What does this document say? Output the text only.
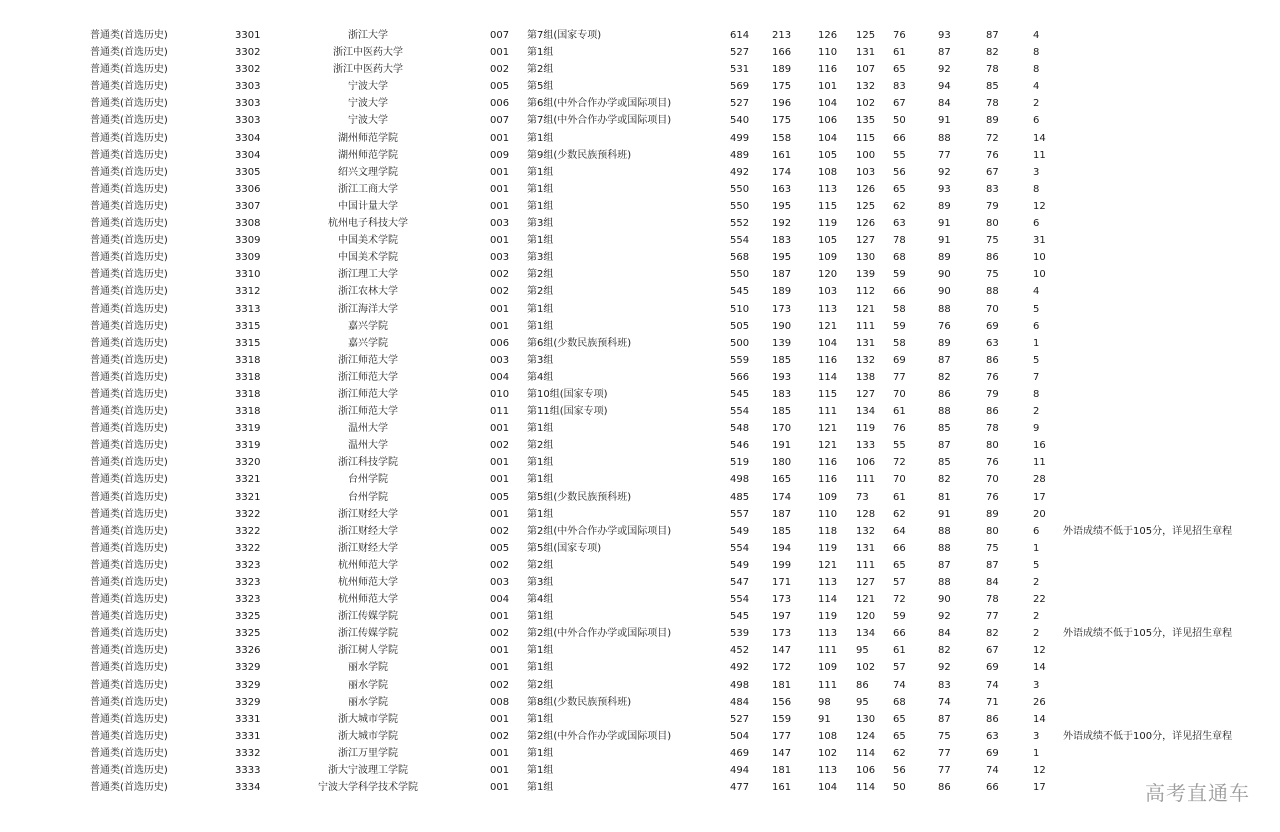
普通类(首选历史)	3301	浙江大学	007 第7组(国家专项)	614 213	126 125 76	93	87	4
普通类(首选历史)	3302	浙江中医药大学	001 第1组	527 166	110 131 61	87	82	8
普通类(首选历史)	3302	浙江中医药大学	002 第2组	531 189	116 107 65	92	78	8
普通类(首选历史)	3303	宁波大学	005 第5组	569 175	101 132 83	94	85	4
普通类(首选历史)	3303	宁波大学	006 第6组(中外合作办学或国际项目)	527 196	104 102 67	84	78	2
普通类(首选历史)	3303	宁波大学	007 第7组(中外合作办学或国际项目)	540 175	106 135 50	91	89	6
普通类(首选历史)	3304	湖州师范学院	001 第1组	499 158	104 115 66	88	72	14
普通类(首选历史)	3304	湖州师范学院	009 第9组(少数民族预科班)	489 161	105 100 55	77	76	11
普通类(首选历史)	3305	绍兴文理学院	001 第1组	492 174	108 103 56	92	67	3
普通类(首选历史)	3306	浙江工商大学	001 第1组	550 163	113 126 65	93	83	8
普通类(首选历史)	3307	中国计量大学	001 第1组	550 195	115 125 62	89	79	12
普通类(首选历史)	3308	杭州电子科技大学	003 第3组	552 192	119 126 63	91	80	6
普通类(首选历史)	3309	中国美术学院	001 第1组	554 183	105 127 78	91	75	31
普通类(首选历史)	3309	中国美术学院	003 第3组	568 195	109 130 68	89	86	10
普通类(首选历史)	3310	浙江理工大学	002 第2组	550 187	120 139 59	90	75	10
普通类(首选历史)	3312	浙江农林大学	002 第2组	545 189	103 112 66	90	88	4
普通类(首选历史)	3313	浙江海洋大学	001 第1组	510 173	113 121 58	88	70	5
普通类(首选历史)	3315	嘉兴学院	001 第1组	505 190	121 111 59	76	69	6
普通类(首选历史)	3315	嘉兴学院	006 第6组(少数民族预科班)	500 139	104 131 58	89	63	1
普通类(首选历史)	3318	浙江师范大学	003 第3组	559 185	116 132 69	87	86	5
普通类(首选历史)	3318	浙江师范大学	004 第4组	566 193	114 138 77	82	76	7
普通类(首选历史)	3318	浙江师范大学	010 第10组(国家专项)	545 183	115 127 70	86	79	8
普通类(首选历史)	3318	浙江师范大学	011 第11组(国家专项)	554 185	111 134 61	88	86	2
普通类(首选历史)	3319	温州大学	001 第1组	548 170	121 119 76	85	78	9
普通类(首选历史)	3319	温州大学	002 第2组	546 191	121 133 55	87	80	16
普通类(首选历史)	3320	浙江科技学院	001 第1组	519 180	116 106 72	85	76	11
普通类(首选历史)	3321	台州学院	001 第1组	498 165	116 111 70	82	70	28
普通类(首选历史)	3321	台州学院	005 第5组(少数民族预科班)	485 174	109 73 61	81	76	17
普通类(首选历史)	3322	浙江财经大学	001 第1组	557 187	110 128 62	91	89	20
普通类(首选历史)	3322	浙江财经大学	002 第2组(中外合作办学或国际项目)	549 185	118 132 64	88	80	6 外语成绩不低于105分，详见招生章程
普通类(首选历史)	3322	浙江财经大学	005 第5组(国家专项)	554 194	119 131 66	88	75	1
普通类(首选历史)	3323	杭州师范大学	002 第2组	549 199	121 111 65	87	87	5
普通类(首选历史)	3323	杭州师范大学	003 第3组	547 171	113 127 57	88	84	2
普通类(首选历史)	3323	杭州师范大学	004 第4组	554 173	114 121 72	90	78	22
普通类(首选历史)	3325	浙江传媒学院	001 第1组	545 197	119 120 59	92	77	2
普通类(首选历史)	3325	浙江传媒学院	002 第2组(中外合作办学或国际项目)	539 173	113 134 66	84	82	2 外语成绩不低于105分，详见招生章程
普通类(首选历史)	3326	浙江树人学院	001 第1组	452 147	111 95 61	82	67	12
普通类(首选历史)	3329	丽水学院	001 第1组	492 172	109 102 57	92	69	14
普通类(首选历史)	3329	丽水学院	002 第2组	498 181	111 86 74	83	74	3
普通类(首选历史)	3329	丽水学院	008 第8组(少数民族预科班)	484 156	98	95 68	74	71	26
普通类(首选历史)	3331	浙大城市学院	001 第1组	527 159	91	130 65	87	86	14
普通类(首选历史)	3331	浙大城市学院	002 第2组(中外合作办学或国际项目)	504 177	108 124 65	75	63	3 外语成绩不低于100分，详见招生章程
普通类(首选历史)	3332	浙江万里学院	001 第1组	469 147	102 114 62	77	69	1
普通类(首选历史)	3333	浙大宁波理工学院	001 第1组	494 181	113 106 56	77	74	12
普通类(首选历史)	3334	宁波大学科学技术学院	001 第1组	477 161	104 114 50	86	66	17	高考直通车
